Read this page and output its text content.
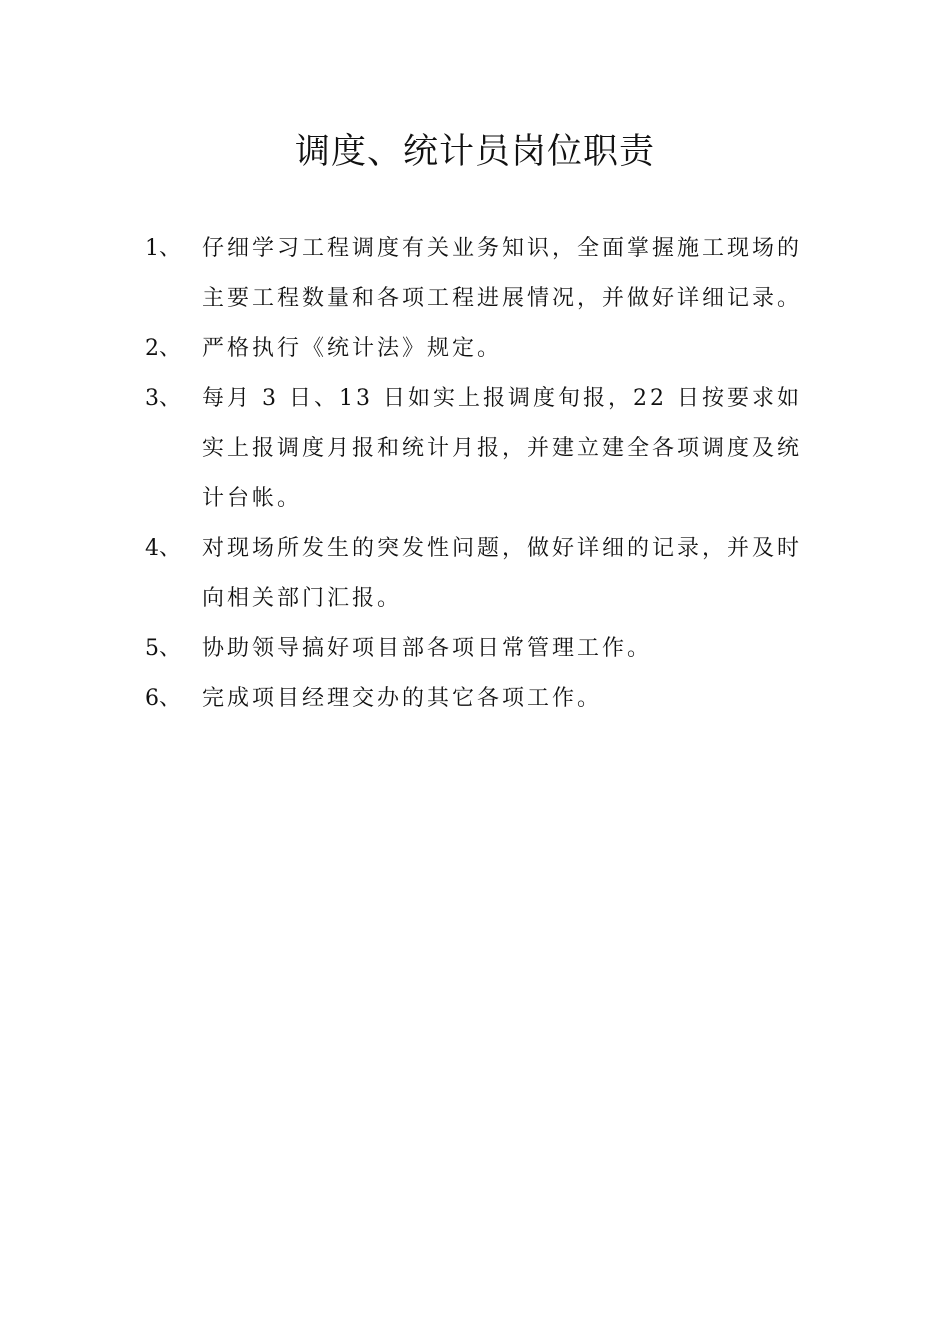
调度、统计员岗位职责
1、 仔细学习工程调度有关业务知识，全面掌握施工现场的主要工程数量和各项工程进展情况，并做好详细记录。
2、 严格执行《统计法》规定。
3、 每月 3 日、13 日如实上报调度旬报，22 日按要求如实上报调度月报和统计月报，并建立建全各项调度及统计台帐。
4、 对现场所发生的突发性问题，做好详细的记录，并及时向相关部门汇报。
5、 协助领导搞好项目部各项日常管理工作。
6、 完成项目经理交办的其它各项工作。
